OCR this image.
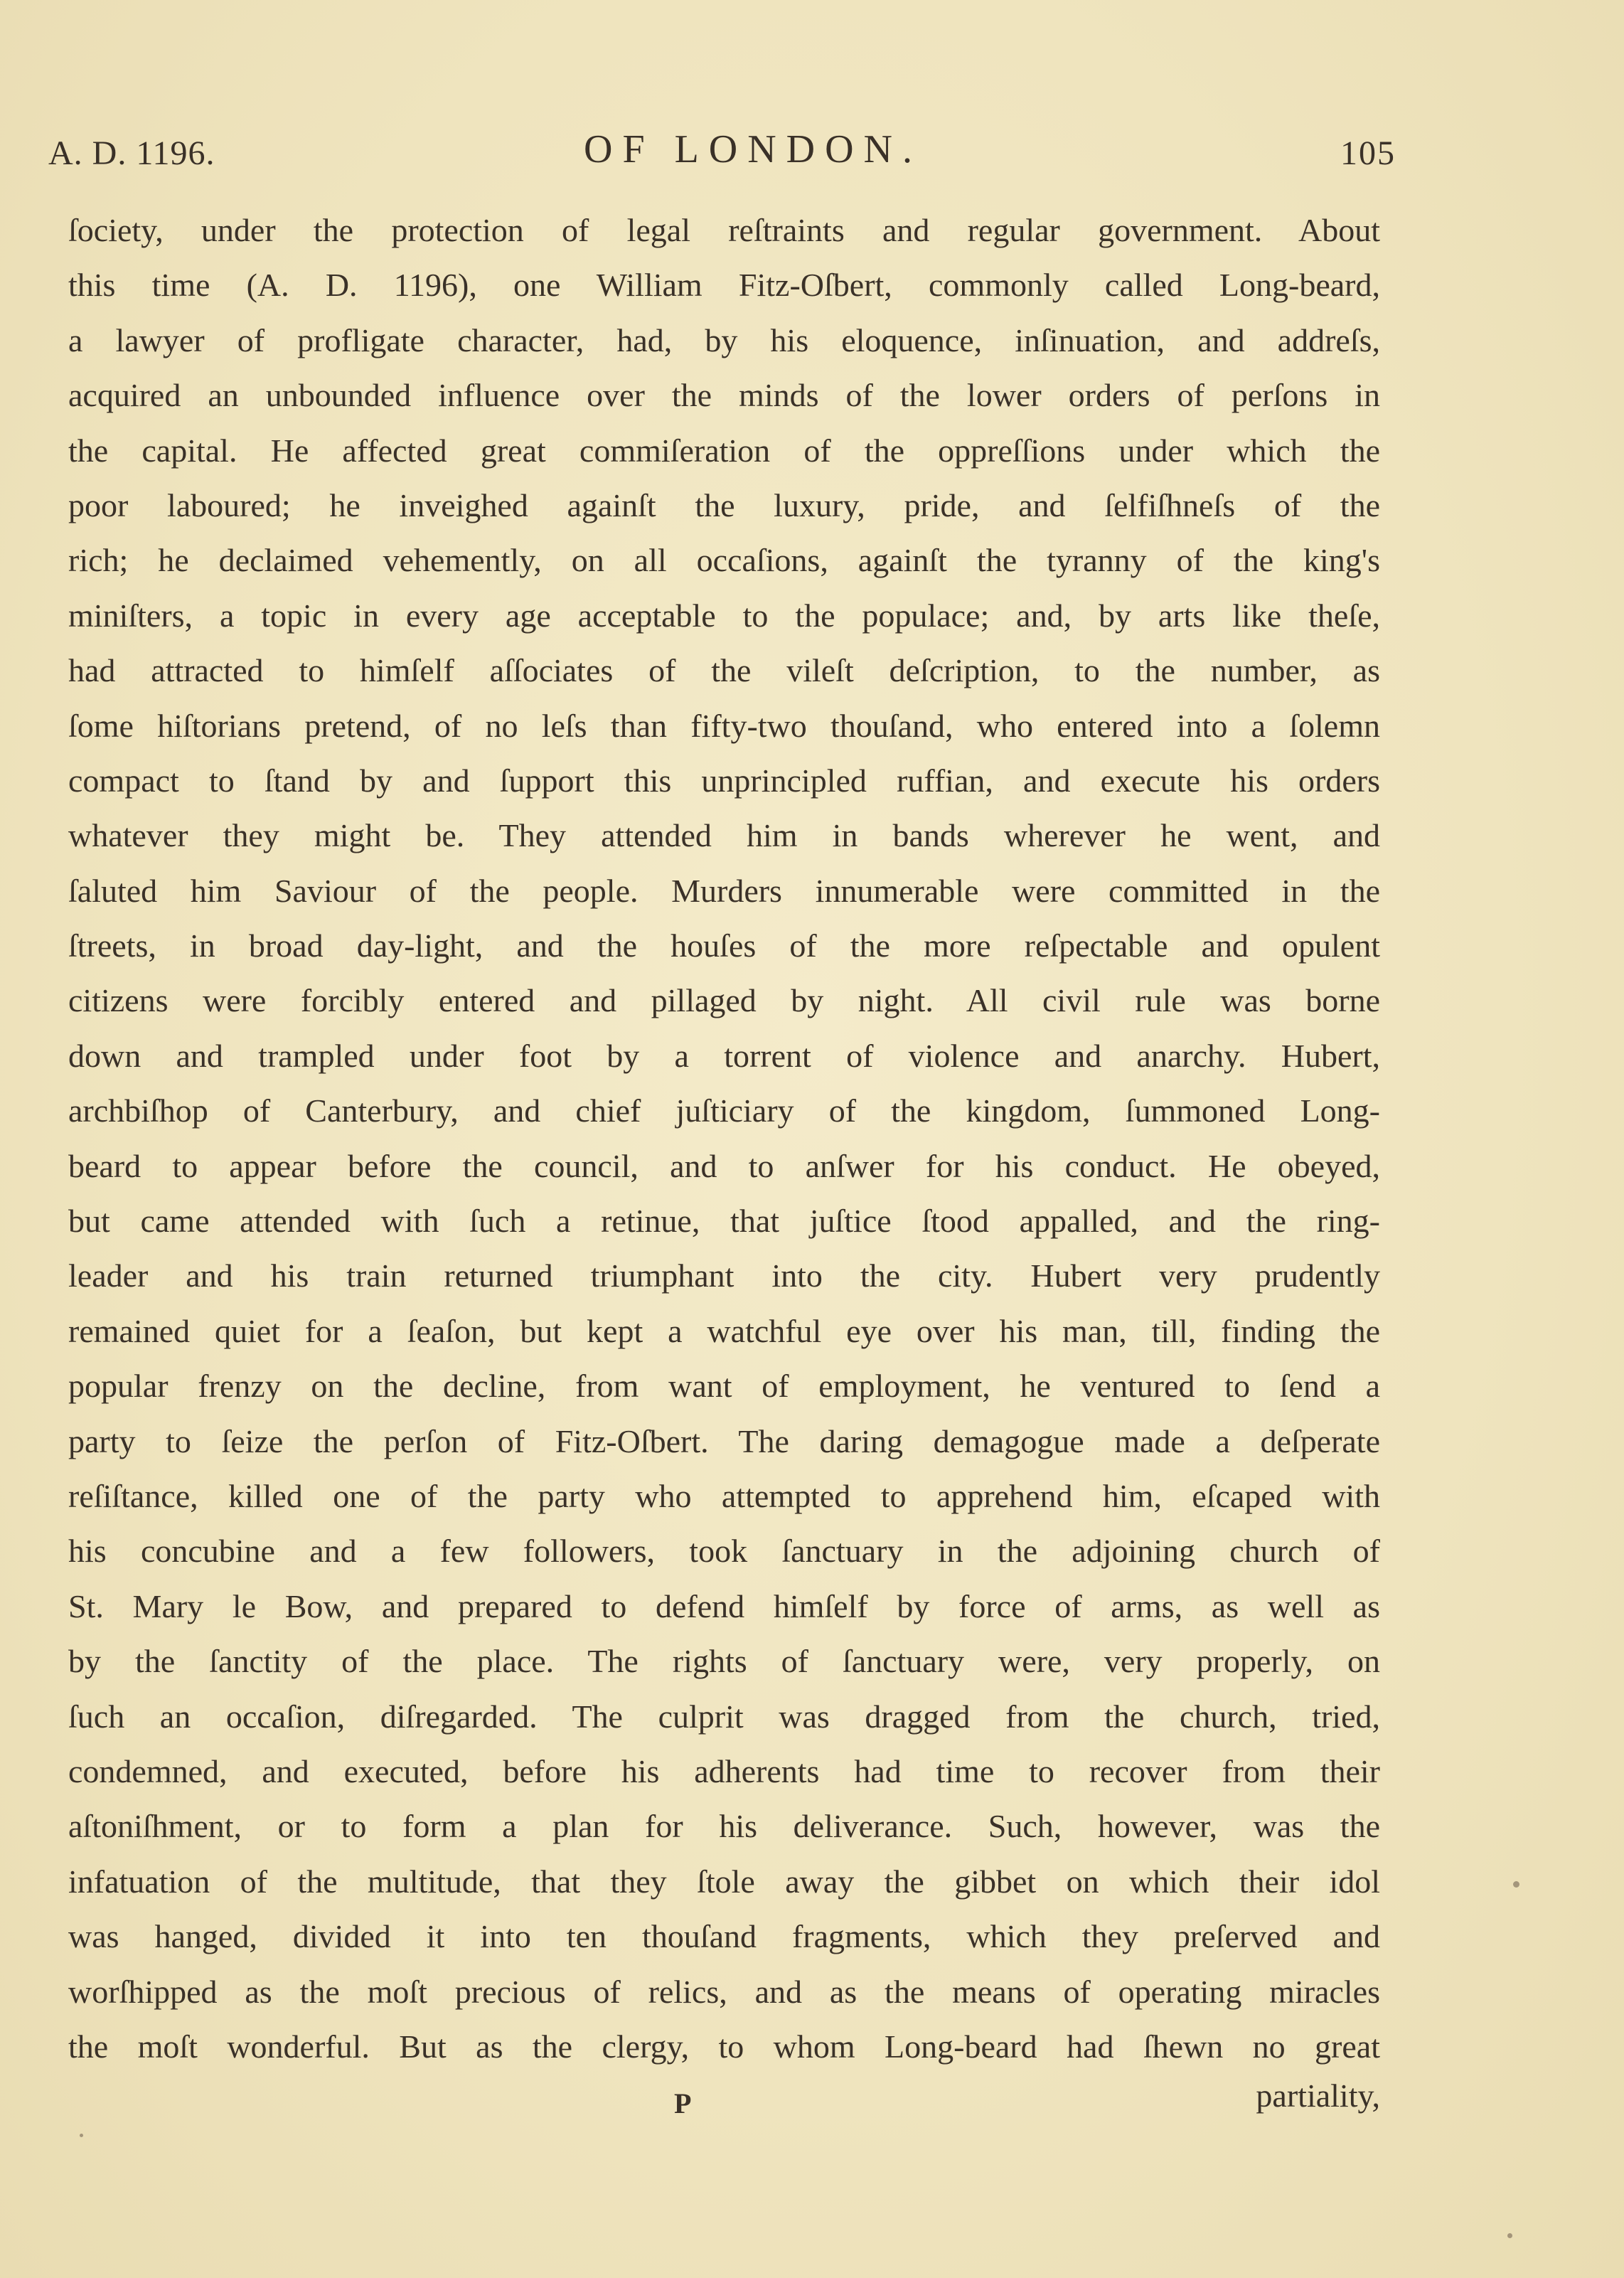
A. D. 1196.	OF LONDON.	105
ſociety, under the protection of legal reſtraints and regular government. About
this time (A. D. 1196), one William Fitz-Oſbert, commonly called Long-beard,
a lawyer of profligate character, had, by his eloquence, inſinuation, and addreſs,
acquired an unbounded influence over the minds of the lower orders of perſons in
the capital. He affected great commiſeration of the oppreſſions under which the
poor laboured; he inveighed againſt the luxury, pride, and ſelfiſhneſs of the
rich; he declaimed vehemently, on all occaſions, againſt the tyranny of the king's
miniſters, a topic in every age acceptable to the populace; and, by arts like theſe,
had attracted to himſelf aſſociates of the vileſt deſcription, to the number, as
ſome hiſtorians pretend, of no leſs than fifty-two thouſand, who entered into a ſolemn
compact to ſtand by and ſupport this unprincipled ruffian, and execute his orders
whatever they might be. They attended him in bands wherever he went, and
ſaluted him Saviour of the people. Murders innumerable were committed in the
ſtreets, in broad day-light, and the houſes of the more reſpectable and opulent
citizens were forcibly entered and pillaged by night. All civil rule was borne
down and trampled under foot by a torrent of violence and anarchy. Hubert,
archbiſhop of Canterbury, and chief juſticiary of the kingdom, ſummoned Long-
beard to appear before the council, and to anſwer for his conduct. He obeyed,
but came attended with ſuch a retinue, that juſtice ſtood appalled, and the ring-
leader and his train returned triumphant into the city. Hubert very prudently
remained quiet for a ſeaſon, but kept a watchful eye over his man, till, finding the
popular frenzy on the decline, from want of employment, he ventured to ſend a
party to ſeize the perſon of Fitz-Oſbert. The daring demagogue made a deſperate
reſiſtance, killed one of the party who attempted to apprehend him, eſcaped with
his concubine and a few followers, took ſanctuary in the adjoining church of
St. Mary le Bow, and prepared to defend himſelf by force of arms, as well as
by the ſanctity of the place. The rights of ſanctuary were, very properly, on
ſuch an occaſion, diſregarded. The culprit was dragged from the church, tried,
condemned, and executed, before his adherents had time to recover from their
aſtoniſhment, or to form a plan for his deliverance. Such, however, was the
infatuation of the multitude, that they ſtole away the gibbet on which their idol
was hanged, divided it into ten thouſand fragments, which they preſerved and
worſhipped as the moſt precious of relics, and as the means of operating miracles
the moſt wonderful. But as the clergy, to whom Long-beard had ſhewn no great
P	partiality,
